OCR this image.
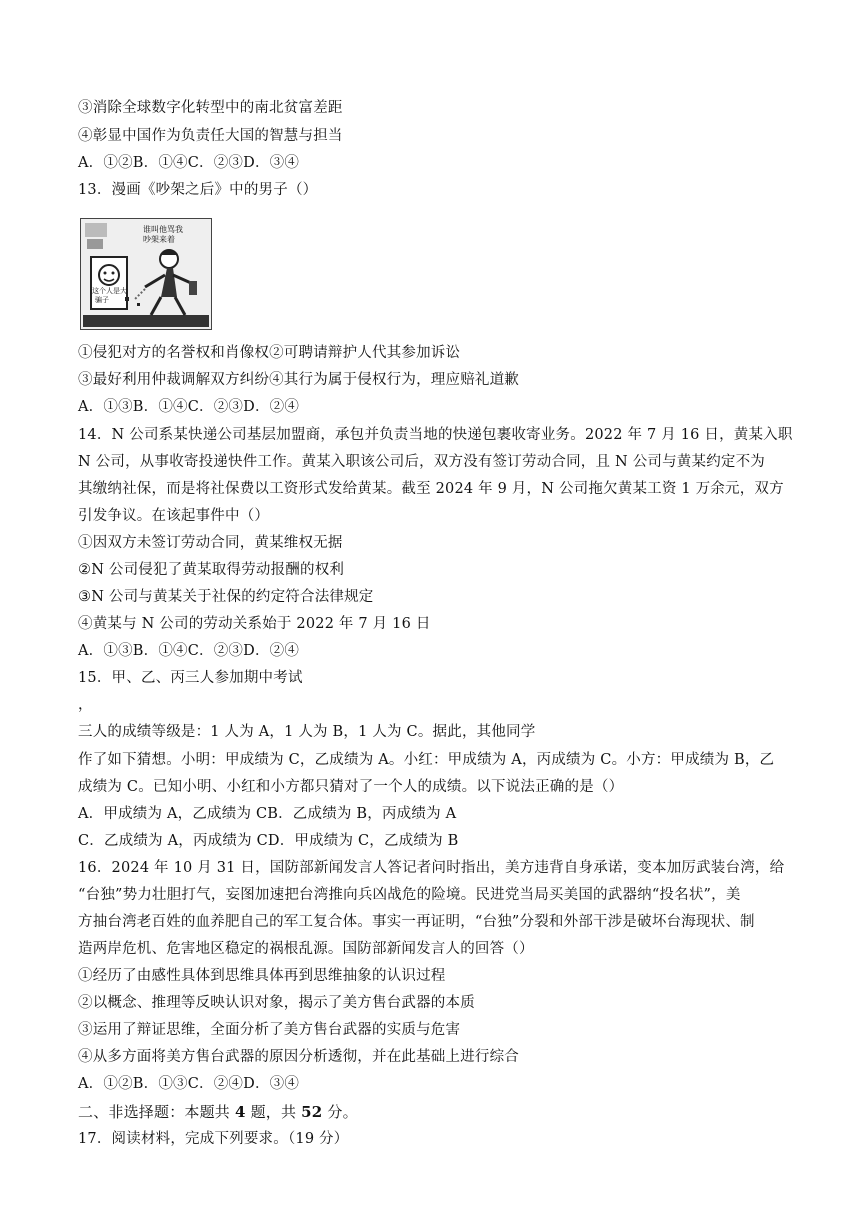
③消除全球数字化转型中的南北贫富差距
④彰显中国作为负责任大国的智慧与担当
A．①②B．①④C．②③D．③④
13．漫画《吵架之后》中的男子（）
谁叫他骂我
吵架来着
这个人是大
骗子
①侵犯对方的名誉权和肖像权②可聘请辩护人代其参加诉讼
③最好利用仲裁调解双方纠纷④其行为属于侵权行为，理应赔礼道歉
A．①③B．①④C．②③D．②④
14．N 公司系某快递公司基层加盟商，承包并负责当地的快递包裹收寄业务。2022 年 7 月 16 日，黄某入职
N 公司，从事收寄投递快件工作。黄某入职该公司后，双方没有签订劳动合同，且 N 公司与黄某约定不为
其缴纳社保，而是将社保费以工资形式发给黄某。截至 2024 年 9 月，N 公司拖欠黄某工资 1 万余元，双方
引发争议。在该起事件中（）
①因双方未签订劳动合同，黄某维权无据
②N 公司侵犯了黄某取得劳动报酬的权利
③N 公司与黄某关于社保的约定符合法律规定
④黄某与 N 公司的劳动关系始于 2022 年 7 月 16 日
A．①③B．①④C．②③D．②④
15．甲、乙、丙三人参加期中考试
，
三人的成绩等级是：1 人为 A，1 人为 B，1 人为 C。据此，其他同学
作了如下猜想。小明：甲成绩为 C，乙成绩为 A。小红：甲成绩为 A，丙成绩为 C。小方：甲成绩为 B，乙
成绩为 C。已知小明、小红和小方都只猜对了一个人的成绩。以下说法正确的是（）
A．甲成绩为 A，乙成绩为 CB．乙成绩为 B，丙成绩为 A
C．乙成绩为 A，丙成绩为 CD．甲成绩为 C，乙成绩为 B
16．2024 年 10 月 31 日，国防部新闻发言人答记者问时指出，美方违背自身承诺，变本加厉武装台湾，给
“台独”势力壮胆打气，妄图加速把台湾推向兵凶战危的险境。民进党当局买美国的武器纳“投名状”，美
方抽台湾老百姓的血养肥自己的军工复合体。事实一再证明，“台独”分裂和外部干涉是破坏台海现状、制
造两岸危机、危害地区稳定的祸根乱源。国防部新闻发言人的回答（）
①经历了由感性具体到思维具体再到思维抽象的认识过程
②以概念、推理等反映认识对象，揭示了美方售台武器的本质
③运用了辩证思维，全面分析了美方售台武器的实质与危害
④从多方面将美方售台武器的原因分析透彻，并在此基础上进行综合
A．①②B．①③C．②④D．③④
二、非选择题：本题共 4 题，共 52 分。
17．阅读材料，完成下列要求。（19 分）
